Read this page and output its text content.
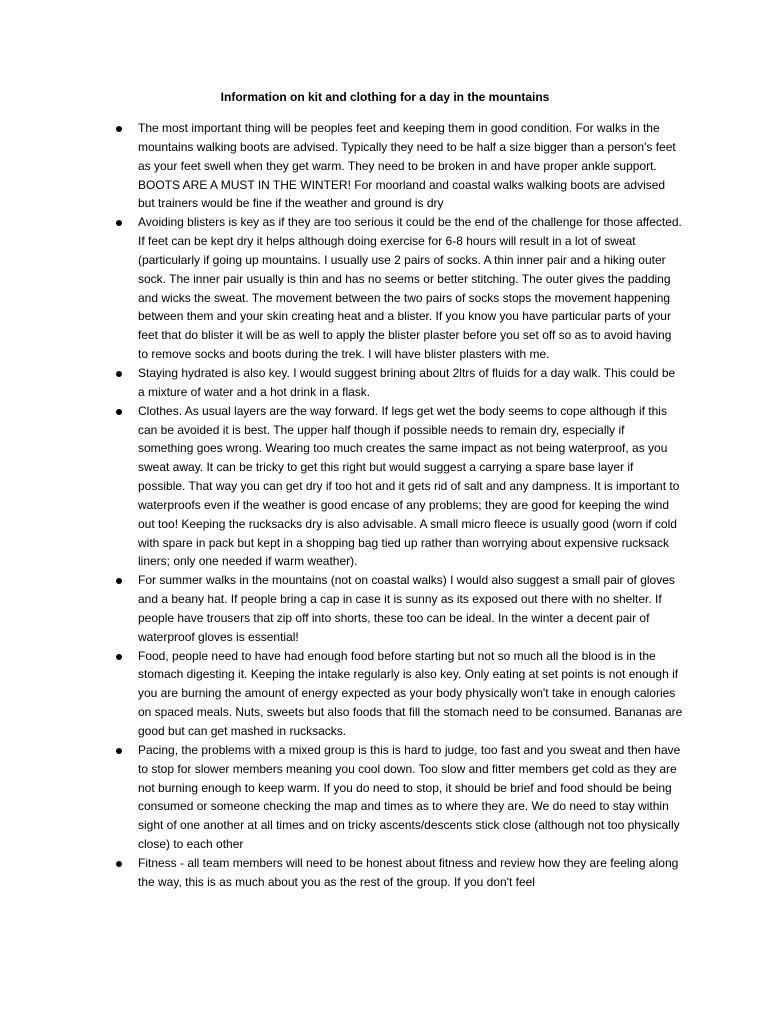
Information on kit and clothing for a day in the mountains

The most important thing will be peoples feet and keeping them in good condition. For walks in the mountains walking boots are advised. Typically they need to be half a size bigger than a person's feet as your feet swell when they get warm. They need to be broken in and have proper ankle support. BOOTS ARE A MUST IN THE WINTER! For moorland and coastal walks walking boots are advised but trainers would be fine if the weather and ground is dry
Avoiding blisters is key as if they are too serious it could be the end of the challenge for those affected. If feet can be kept dry it helps although doing exercise for 6-8 hours will result in a lot of sweat (particularly if going up mountains. I usually use 2 pairs of socks. A thin inner pair and a hiking outer sock. The inner pair usually is thin and has no seems or better stitching. The outer gives the padding and wicks the sweat. The movement between the two pairs of socks stops the movement happening between them and your skin creating heat and a blister. If you know you have particular parts of your feet that do blister it will be as well to apply the blister plaster before you set off so as to avoid having to remove socks and boots during the trek. I will have blister plasters with me.
Staying hydrated is also key. I would suggest brining about 2ltrs of fluids for a day walk. This could be a mixture of water and a hot drink in a flask.
Clothes. As usual layers are the way forward. If legs get wet the body seems to cope although if this can be avoided it is best. The upper half though if possible needs to remain dry, especially if something goes wrong. Wearing too much creates the same impact as not being waterproof, as you sweat away. It can be tricky to get this right but would suggest a carrying a spare base layer if possible. That way you can get dry if too hot and it gets rid of salt and any dampness. It is important to waterproofs even if the weather is good encase of any problems; they are good for keeping the wind out too! Keeping the rucksacks dry is also advisable. A small micro fleece is usually good (worn if cold with spare in pack but kept in a shopping bag tied up rather than worrying about expensive rucksack liners; only one needed if warm weather).
For summer walks in the mountains (not on coastal walks) I would also suggest a small pair of gloves and a beany hat. If people bring a cap in case it is sunny as its exposed out there with no shelter. If people have trousers that zip off into shorts, these too can be ideal. In the winter a decent pair of waterproof gloves is essential!
Food, people need to have had enough food before starting but not so much all the blood is in the stomach digesting it. Keeping the intake regularly is also key. Only eating at set points is not enough if you are burning the amount of energy expected as your body physically won't take in enough calories on spaced meals. Nuts, sweets but also foods that fill the stomach need to be consumed. Bananas are good but can get mashed in rucksacks.
Pacing, the problems with a mixed group is this is hard to judge, too fast and you sweat and then have to stop for slower members meaning you cool down. Too slow and fitter members get cold as they are not burning enough to keep warm. If you do need to stop, it should be brief and food should be being consumed or someone checking the map and times as to where they are. We do need to stay within sight of one another at all times and on tricky ascents/descents stick close (although not too physically close) to each other
Fitness - all team members will need to be honest about fitness and review how they are feeling along the way, this is as much about you as the rest of the group. If you don't feel
